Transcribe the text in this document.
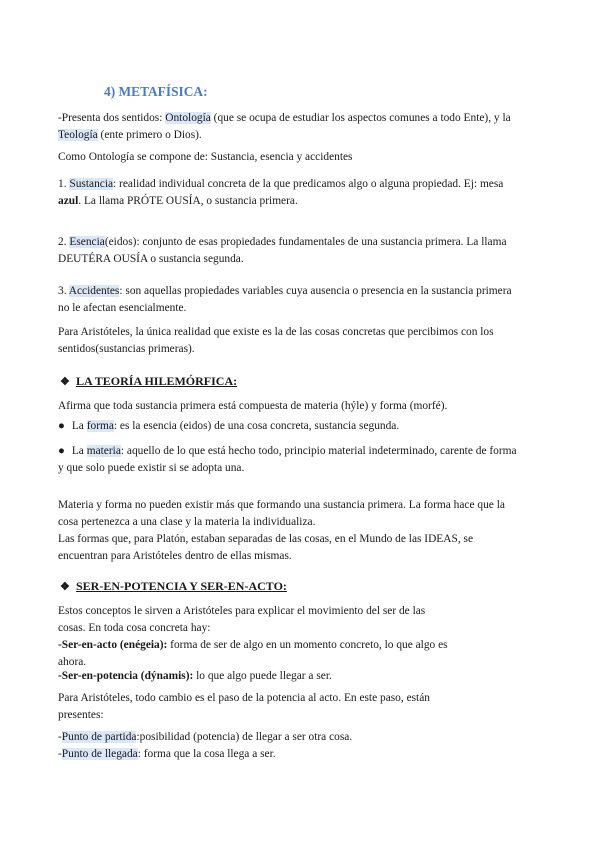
4) METAFÍSICA:

-Presenta dos sentidos: Ontología (que se ocupa de estudiar los aspectos comunes a todo Ente), y la
Teología (ente primero o Dios).

Como Ontología se compone de: Sustancia, esencia y accidentes

1. Sustancia: realidad individual concreta de la que predicamos algo o alguna propiedad. Ej: mesa
azul. La llama PRÓTE OUSÍA, o sustancia primera.

2. Esencia(eidos): conjunto de esas propiedades fundamentales de una sustancia primera. La llama
DEUTÉRA OUSÍA o sustancia segunda.

3. Accidentes: son aquellas propiedades variables cuya ausencia o presencia en la sustancia primera
no le afectan esencialmente.

Para Aristóteles, la única realidad que existe es la de las cosas concretas que percibimos con los
sentidos(sustancias primeras).

❖ LA TEORÍA HILEMÓRFICA:

Afirma que toda sustancia primera está compuesta de materia (hýle) y forma (morfé).

● La forma: es la esencia (eidos) de una cosa concreta, sustancia segunda.

● La materia: aquello de lo que está hecho todo, principio material indeterminado, carente de forma
y que solo puede existir si se adopta una.

Materia y forma no pueden existir más que formando una sustancia primera. La forma hace que la
cosa pertenezca a una clase y la materia la individualiza.
Las formas que, para Platón, estaban separadas de las cosas, en el Mundo de las IDEAS, se
encuentran para Aristóteles dentro de ellas mismas.

❖ SER-EN-POTENCIA Y SER-EN-ACTO:

Estos conceptos le sirven a Aristóteles para explicar el movimiento del ser de las
cosas. En toda cosa concreta hay:
-Ser-en-acto (enégeia): forma de ser de algo en un momento concreto, lo que algo es
ahora.

-Ser-en-potencia (dýnamis): lo que algo puede llegar a ser.

Para Aristóteles, todo cambio es el paso de la potencia al acto. En este paso, están
presentes:

-Punto de partida:posibilidad (potencia) de llegar a ser otra cosa.
-Punto de llegada: forma que la cosa llega a ser.
